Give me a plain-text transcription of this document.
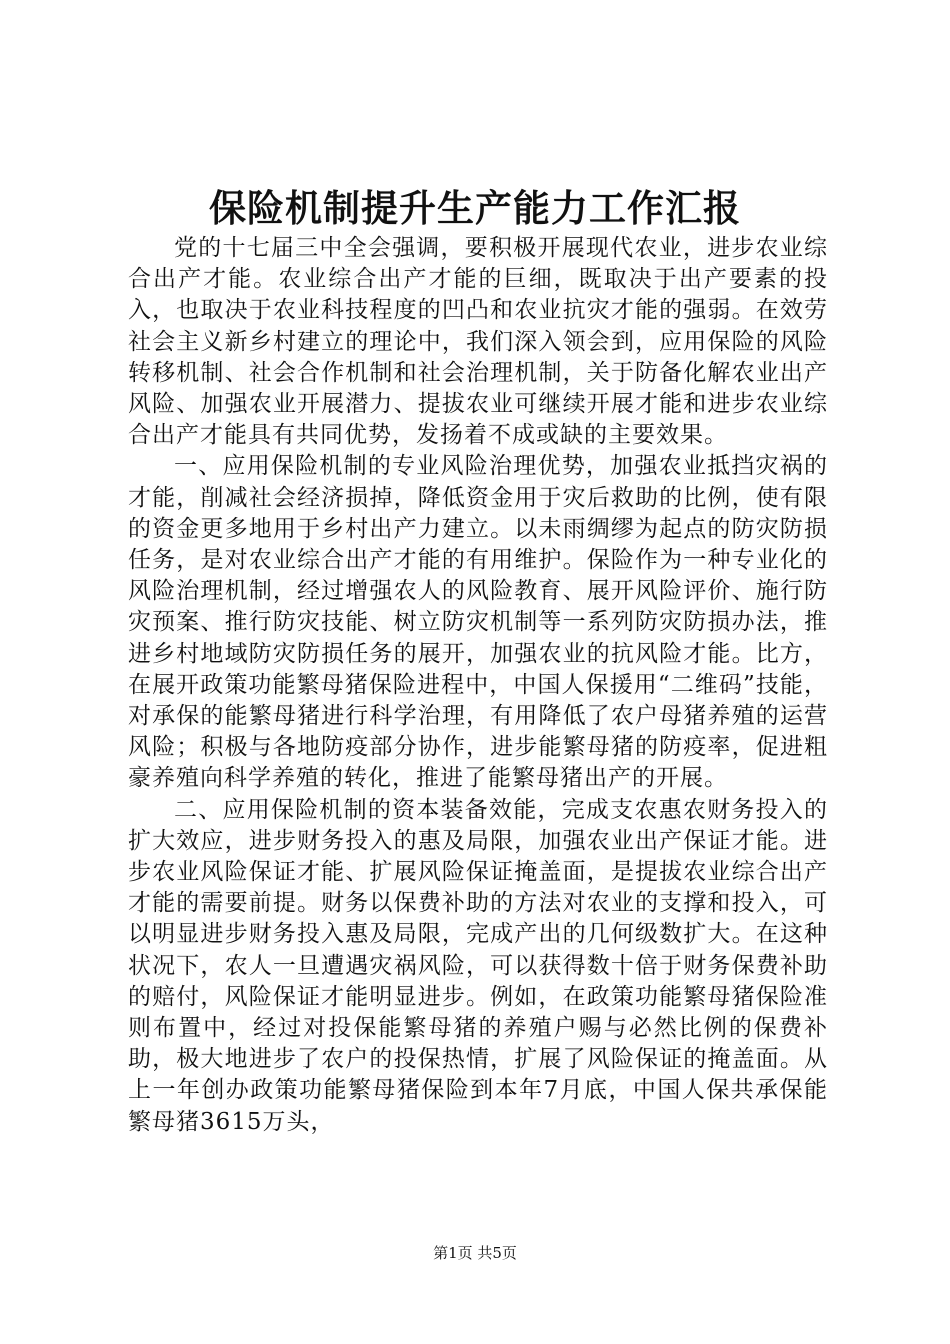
保险机制提升生产能力工作汇报

党的十七届三中全会强调，要积极开展现代农业，进步农业综合出产才能。农业综合出产才能的巨细，既取决于出产要素的投入，也取决于农业科技程度的凹凸和农业抗灾才能的强弱。在效劳社会主义新乡村建立的理论中，我们深入领会到，应用保险的风险转移机制、社会合作机制和社会治理机制，关于防备化解农业出产风险、加强农业开展潜力、提拔农业可继续开展才能和进步农业综合出产才能具有共同优势，发扬着不成或缺的主要效果。

一、应用保险机制的专业风险治理优势，加强农业抵挡灾祸的才能，削减社会经济损掉，降低资金用于灾后救助的比例，使有限的资金更多地用于乡村出产力建立。以未雨绸缪为起点的防灾防损任务，是对农业综合出产才能的有用维护。保险作为一种专业化的风险治理机制，经过增强农人的风险教育、展开风险评价、施行防灾预案、推行防灾技能、树立防灾机制等一系列防灾防损办法，推进乡村地域防灾防损任务的展开，加强农业的抗风险才能。比方，在展开政策功能繁母猪保险进程中，中国人保援用“二维码”技能，对承保的能繁母猪进行科学治理，有用降低了农户母猪养殖的运营风险；积极与各地防疫部分协作，进步能繁母猪的防疫率，促进粗豪养殖向科学养殖的转化，推进了能繁母猪出产的开展。

二、应用保险机制的资本装备效能，完成支农惠农财务投入的扩大效应，进步财务投入的惠及局限，加强农业出产保证才能。进步农业风险保证才能、扩展风险保证掩盖面，是提拔农业综合出产才能的需要前提。财务以保费补助的方法对农业的支撑和投入，可以明显进步财务投入惠及局限，完成产出的几何级数扩大。在这种状况下，农人一旦遭遇灾祸风险，可以获得数十倍于财务保费补助的赔付，风险保证才能明显进步。例如，在政策功能繁母猪保险准则布置中，经过对投保能繁母猪的养殖户赐与必然比例的保费补助，极大地进步了农户的投保热情，扩展了风险保证的掩盖面。从上一年创办政策功能繁母猪保险到本年7月底，中国人保共承保能繁母猪3615万头，

第1页 共5页
